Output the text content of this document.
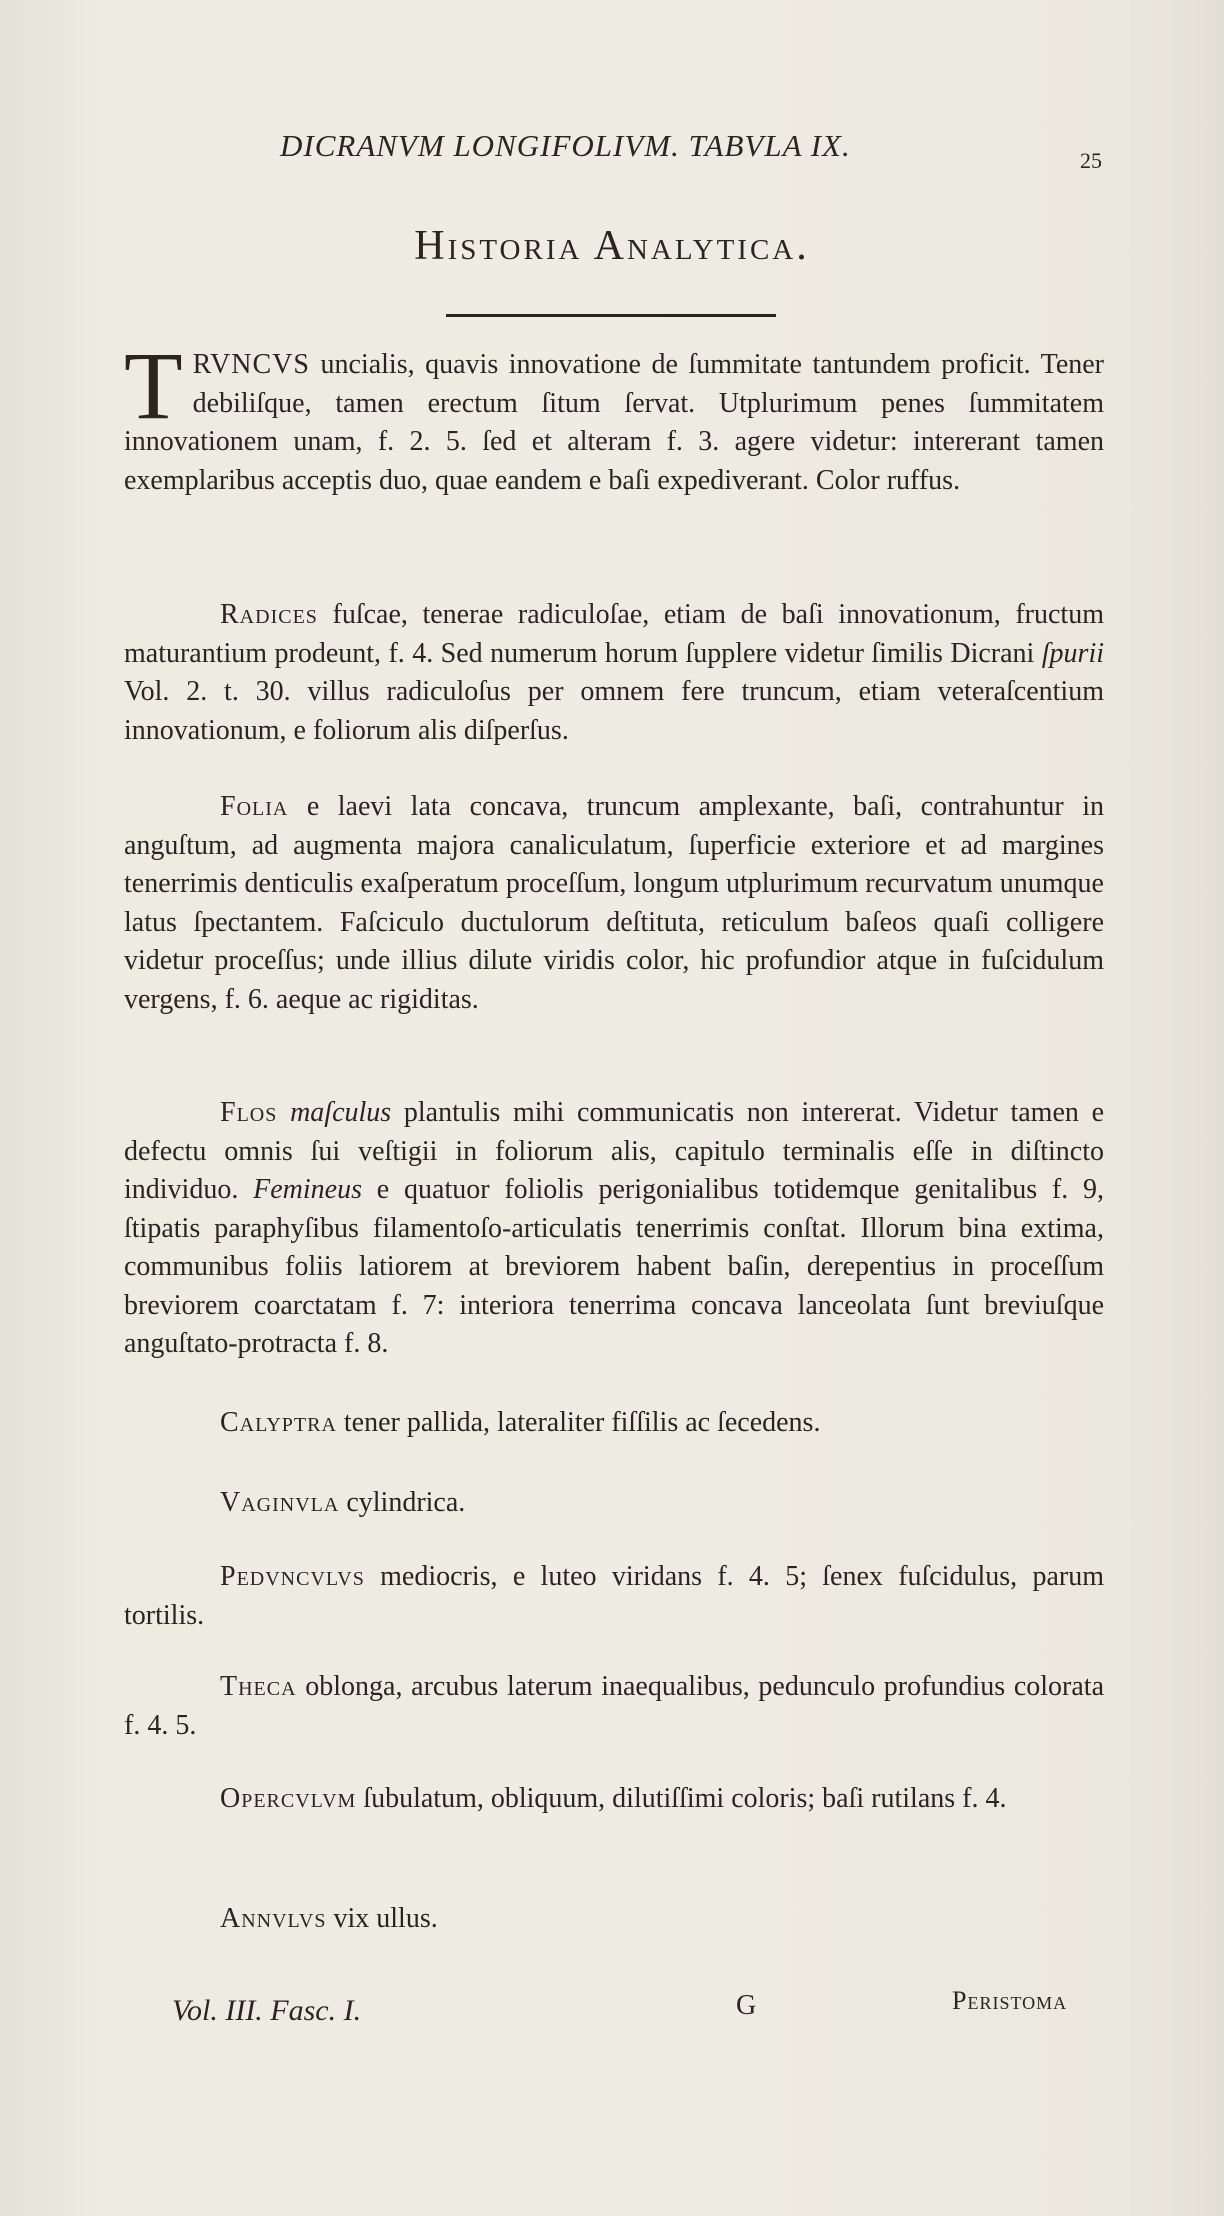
DICRANVM LONGIFOLIVM. TABVLA IX.	25
Historia Analytica.
TRVNCVS uncialis, quavis innovatione de ſummitate tantundem proficit. Tener debiliſque, tamen erectum ſitum ſervat. Utplurimum penes ſummitatem innovationem unam, f. 2. 5. ſed et alteram f. 3. agere videtur: intererant tamen exemplaribus acceptis duo, quae eandem e baſi expediverant. Color ruffus.
Radices fuſcae, tenerae radiculoſae, etiam de baſi innovationum, fructum maturantium prodeunt, f. 4. Sed numerum horum ſupplere videtur ſimilis Dicrani ſpurii Vol. 2. t. 30. villus radiculoſus per omnem fere truncum, etiam veteraſcentium innovationum, e foliorum alis diſperſus.
Folia e laevi lata concava, truncum amplexante, baſi, contrahuntur in anguſtum, ad augmenta majora canaliculatum, ſuperficie exteriore et ad margines tenerrimis denticulis exaſperatum proceſſum, longum utplurimum recurvatum unumque latus ſpectantem. Faſciculo ductulorum deſtituta, reticulum baſeos quaſi colligere videtur proceſſus; unde illius dilute viridis color, hic profundior atque in fuſcidulum vergens, f. 6. aeque ac rigiditas.
Flos maſculus plantulis mihi communicatis non intererat. Videtur tamen e defectu omnis ſui veſtigii in foliorum alis, capitulo terminalis eſſe in diſtincto individuo. Femineus e quatuor foliolis perigonialibus totidemque genitalibus f. 9, ſtipatis paraphyſibus filamentoſo-articulatis tenerrimis conſtat. Illorum bina extima, communibus foliis latiorem at breviorem habent baſin, derepentius in proceſſum breviorem coarctatam f. 7: interiora tenerrima concava lanceolata ſunt breviuſque anguſtato-protracta f. 8.
Calyptra tener pallida, lateraliter fiſſilis ac ſecedens.
Vaginvla cylindrica.
Pedvncvlvs mediocris, e luteo viridans f. 4. 5; ſenex fuſcidulus, parum tortilis.
Theca oblonga, arcubus laterum inaequalibus, pedunculo profundius colorata f. 4. 5.
Opercvlvm ſubulatum, obliquum, dilutiſſimi coloris; baſi rutilans f. 4.
Annvlvs vix ullus.
Vol. III. Fasc. I.	G	Peristoma
